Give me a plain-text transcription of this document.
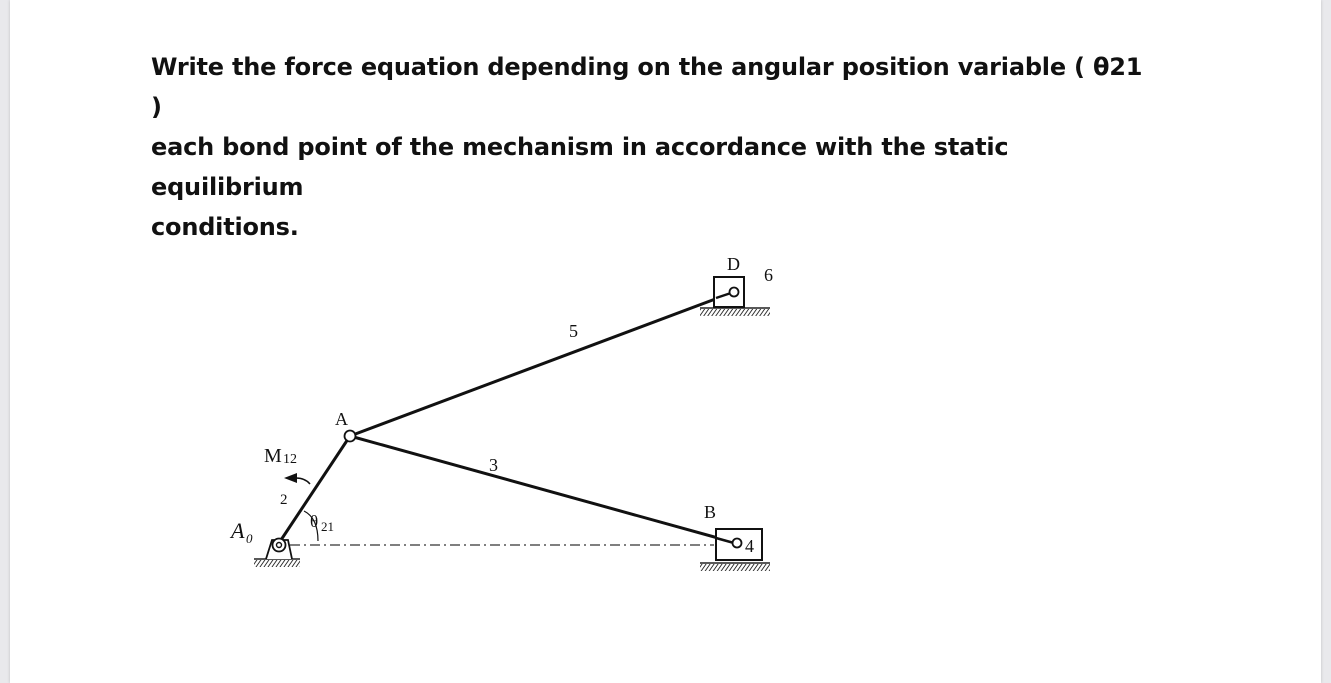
Write the force equation depending on the angular position variable ( θ21 )
each bond point of the mechanism in accordance with the static equilibrium
conditions.
A 0
A
B
D
M 12
θ 21
2
3
4
5
6
